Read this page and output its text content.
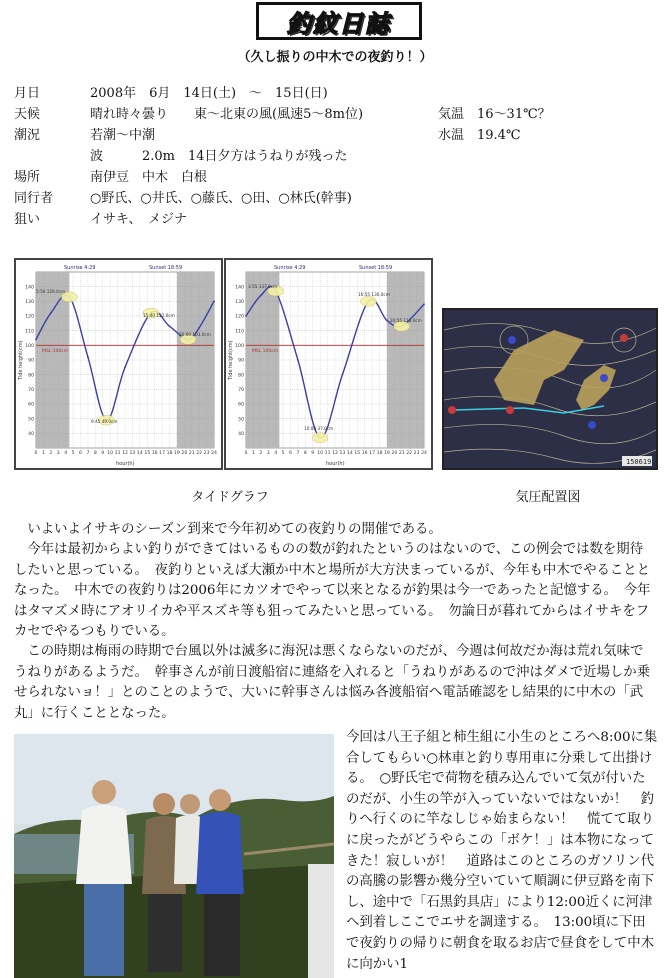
釣紋日誌
（久し振りの中木での夜釣り！）
月日	2008年　6月　14日(土)　～　15日(日)
天候	晴れ時々曇り　　東～北東の風(風速5～8m位)	気温　16～31℃？
潮況	若潮～中潮	水温　19.4℃
波　　　2.0m　14日夕方はうねりが残った
場所	南伊豆　中木　白根
同行者	○野氏、○井氏、○藤氏、○田、○林氏(幹事)
狙い	イサキ、　メジナ
Sunrise 4:29	Sunset 18:59
40
50
60
70
80
90
100
110
120
130
140
0 1 2 3 4 5 6 7 8 9 10 11 12 13 14 15 16 17 18 19 20 21 22 23 24
MSL 100cm
hour(h)
Tide height(cm)
5:50 128.0cm
9:45 49.0cm
15:40 122.0cm
20:00 103.0cm
Sunrise 4:29	Sunset 18:59
40
50
60
70
80
90
100
110
120
130
140
0 1 2 3 4 5 6 7 8 9 10 11 12 13 14 15 16 17 18 19 20 21 22 23 24
MSL 100cm
hour(h)
Tide height(cm)
3:55 137.0cm
10:00 37.0cm
16:55 130.0cm
20:55 113.0cm
150619
タイドグラフ	気圧配置図

いよいよイサキのシーズン到来で今年初めての夜釣りの開催である。

今年は最初からよい釣りができてはいるものの数が釣れたというのはないので、この例会では数を期待したいと思っている。　夜釣りといえば大瀬か中木と場所が大方決まっているが、今年も中木でやることとなった。　中木での夜釣りは2006年にカツオでやって以来となるが釣果は今一であったと記憶する。　今年はタマズメ時にアオリイカや平スズキ等も狙ってみたいと思っている。　勿論日が暮れてからはイサキをフカセでやるつもりでいる。

この時期は梅雨の時期で台風以外は滅多に海況は悪くならないのだが、今週は何故だか海は荒れ気味でうねりがあるようだ。　幹事さんが前日渡船宿に連絡を入れると「うねりがあるので沖はダメで近場しか乗せられないョ！」とのことのようで、大いに幹事さんは悩み各渡船宿へ電話確認をし結果的に中木の「武丸」に行くこととなった。

今回は八王子組と柿生組に小生のところへ8:00に集合してもらい○林車と釣り専用車に分乗して出掛ける。　○野氏宅で荷物を積み込んでいて気が付いたのだが、小生の竿が入っていないではないか！　釣りへ行くのに竿なしじゃ始まらない！　慌てて取りに戻ったがどうやらこの「ボケ！」は本物になってきた！寂しいが！　道路はこのところのガソリン代の高騰の影響か幾分空いていて順調に伊豆路を南下し、途中で「石黒釣具店」により12:00近くに河津へ到着しここでエサを調達する。　13:00頃に下田で夜釣りの帰りに朝食を取るお店で昼食をして中木に向かい1
